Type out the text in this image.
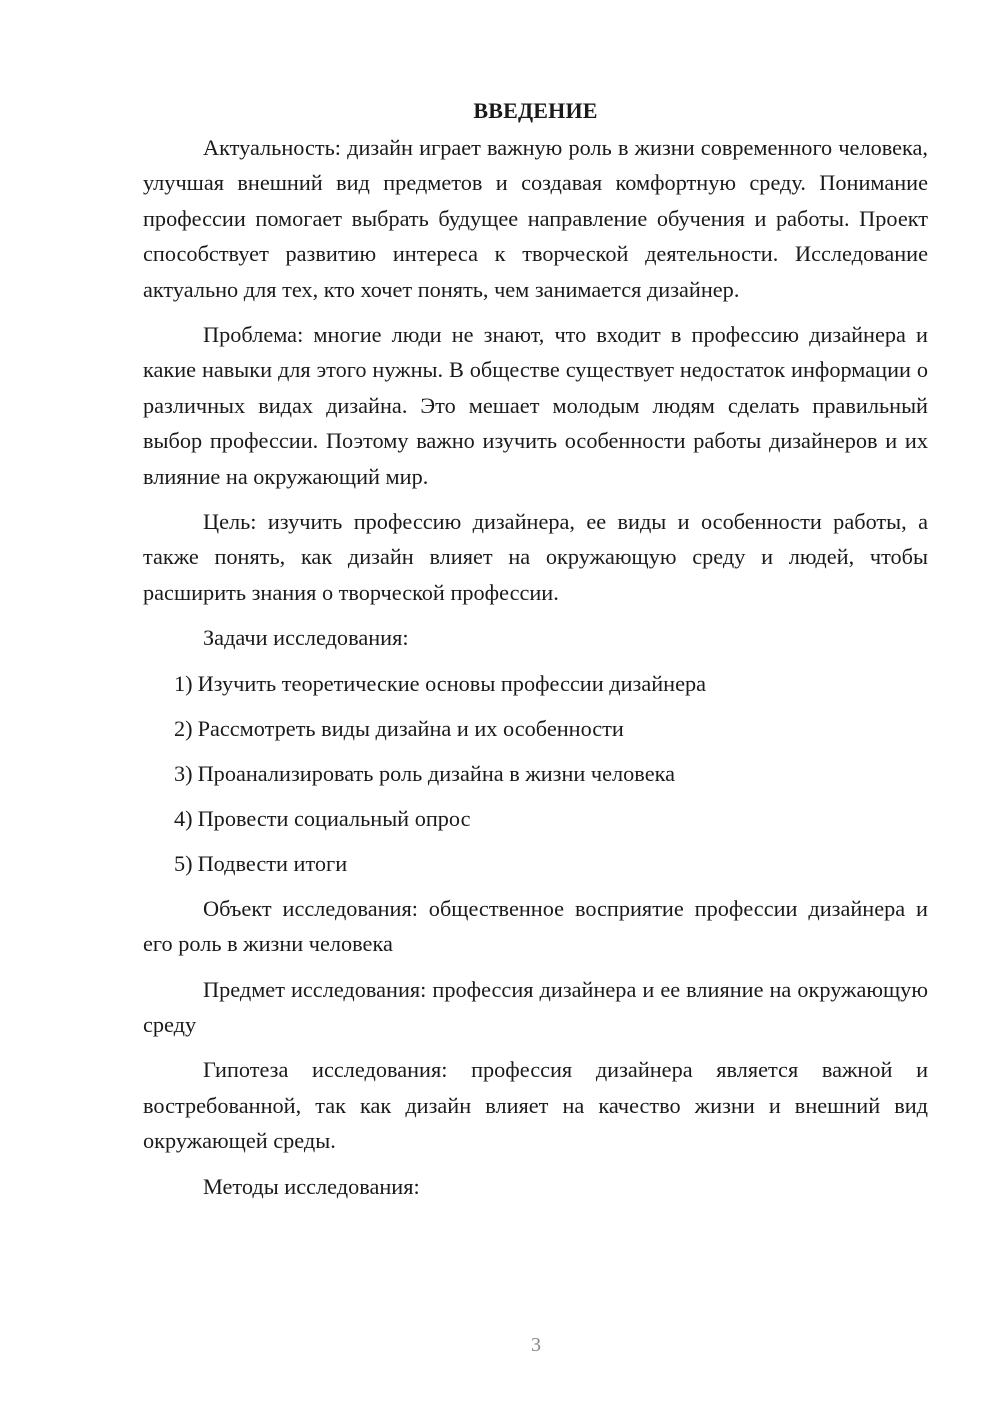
ВВЕДЕНИЕ

Актуальность: дизайн играет важную роль в жизни современного человека, улучшая внешний вид предметов и создавая комфортную среду. Понимание профессии помогает выбрать будущее направление обучения и работы. Проект способствует развитию интереса к творческой деятельности. Исследование актуально для тех, кто хочет понять, чем занимается дизайнер.

Проблема: многие люди не знают, что входит в профессию дизайнера и какие навыки для этого нужны. В обществе существует недостаток информации о различных видах дизайна. Это мешает молодым людям сделать правильный выбор профессии. Поэтому важно изучить особенности работы дизайнеров и их влияние на окружающий мир.

Цель: изучить профессию дизайнера, ее виды и особенности работы, а также понять, как дизайн влияет на окружающую среду и людей, чтобы расширить знания о творческой профессии.

Задачи исследования:

1) Изучить теоретические основы профессии дизайнера
2) Рассмотреть виды дизайна и их особенности
3) Проанализировать роль дизайна в жизни человека
4) Провести социальный опрос
5) Подвести итоги

Объект исследования: общественное восприятие профессии дизайнера и его роль в жизни человека

Предмет исследования: профессия дизайнера и ее влияние на окружающую среду

Гипотеза исследования: профессия дизайнера является важной и востребованной, так как дизайн влияет на качество жизни и внешний вид окружающей среды.

Методы исследования:

3
